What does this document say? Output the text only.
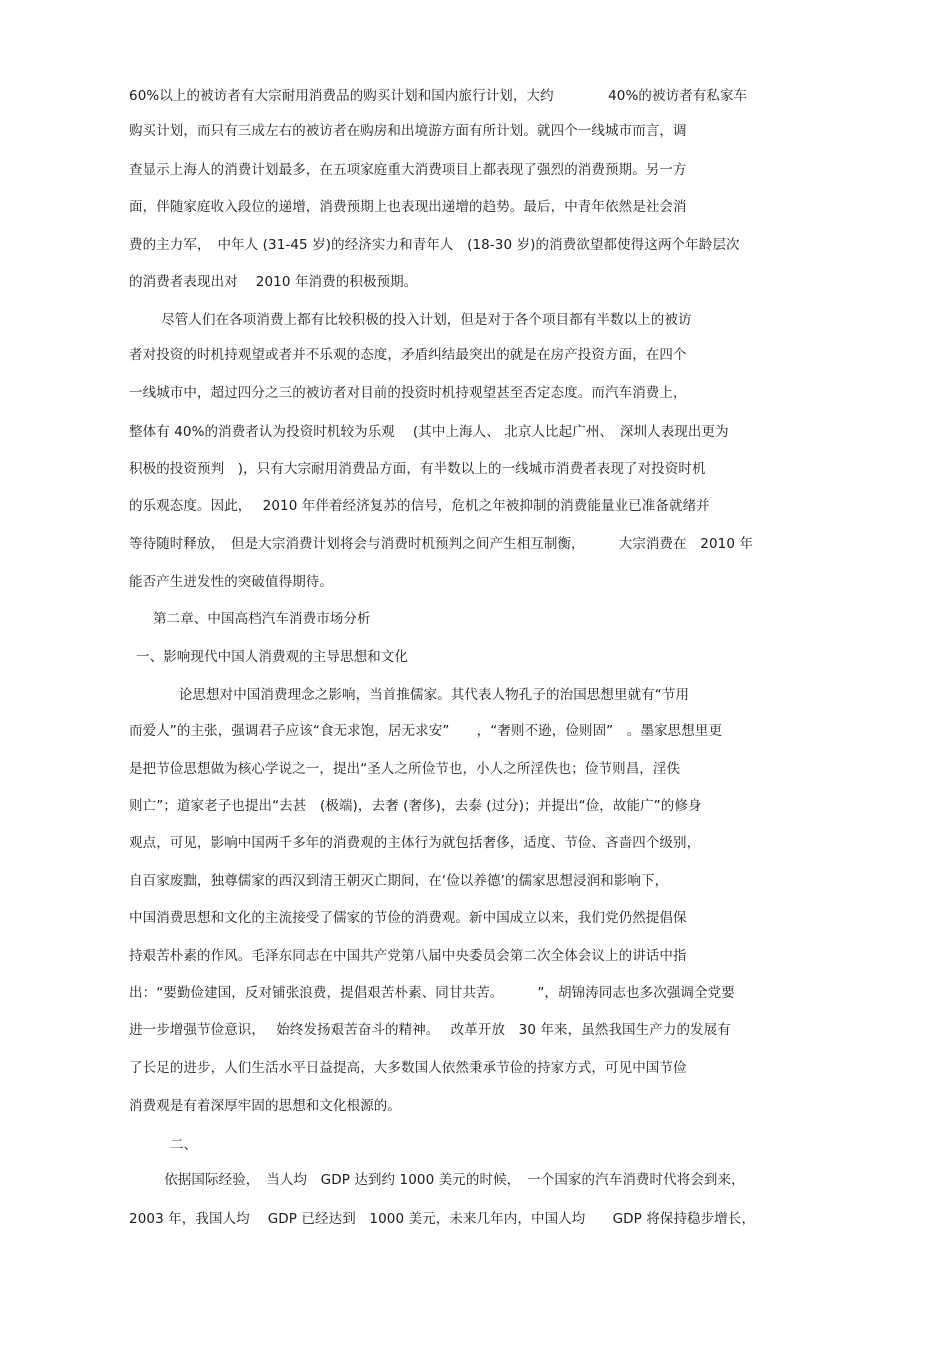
60%以上的被访者有大宗耐用消费品的购买计划和国内旅行计划，大约　　　　40%的被访者有私家车
购买计划，而只有三成左右的被访者在购房和出境游方面有所计划。就四个一线城市而言，调
查显示上海人的消费计划最多，在五项家庭重大消费项目上都表现了强烈的消费预期。另一方
面，伴随家庭收入段位的递增，消费预期上也表现出递增的趋势。最后，中青年依然是社会消
费的主力军，　中年人 (31-45 岁)的经济实力和青年人　(18-30 岁)的消费欲望都使得这两个年龄层次
的消费者表现出对　 2010 年消费的积极预期。
　　尽管人们在各项消费上都有比较积极的投入计划，但是对于各个项目都有半数以上的被访
者对投资的时机持观望或者并不乐观的态度，矛盾纠结最突出的就是在房产投资方面，在四个
一线城市中，超过四分之三的被访者对目前的投资时机持观望甚至否定态度。而汽车消费上，
整体有 40%的消费者认为投资时机较为乐观　 (其中上海人、 北京人比起广州、　深圳人表现出更为
积极的投资预判　)，只有大宗耐用消费品方面，有半数以上的一线城市消费者表现了对投资时机
的乐观态度。因此，　 2010 年伴着经济复苏的信号，危机之年被抑制的消费能量业已准备就绪并
等待随时释放，　但是大宗消费计划将会与消费时机预判之间产生相互制衡，　　　大宗消费在　2010 年
能否产生迸发性的突破值得期待。
第二章、中国高档汽车消费市场分析
一、影响现代中国人消费观的主导思想和文化
　　　论思想对中国消费理念之影响，当首推儒家。其代表人物孔子的治国思想里就有“节用
而爱人”的主张，强调君子应该“食无求饱，居无求安”　　，“奢则不逊，俭则固”　。墨家思想里更
是把节俭思想做为核心学说之一，提出“圣人之所俭节也，小人之所淫佚也；俭节则昌，淫佚
则亡”；道家老子也提出“去甚　(极端)，去奢 (奢侈)，去泰 (过分)；并提出“俭，故能广”的修身
观点，可见，影响中国两千多年的消费观的主体行为就包括奢侈，适度、节俭、吝啬四个级别，
自百家废黜，独尊儒家的西汉到清王朝灭亡期间，在‘俭以养德’的儒家思想浸润和影响下，
中国消费思想和文化的主流接受了儒家的节俭的消费观。新中国成立以来，我们党仍然提倡保
持艰苦朴素的作风。毛泽东同志在中国共产党第八届中央委员会第二次全体会议上的讲话中指
出：“要勤俭建国，反对铺张浪费，提倡艰苦朴素、同甘共苦。　　　”，胡锦涛同志也多次强调全党要
进一步增强节俭意识，　 始终发扬艰苦奋斗的精神。　 改革开放　30 年来，虽然我国生产力的发展有
了长足的进步，人们生活水平日益提高，大多数国人依然秉承节俭的持家方式，可见中国节俭
消费观是有着深厚牢固的思想和文化根源的。
二、
　　依据国际经验，　当人均　GDP 达到约 1000 美元的时候，　一个国家的汽车消费时代将会到来，
2003 年，我国人均　 GDP 已经达到　1000 美元，未来几年内，中国人均　　GDP 将保持稳步增长，
